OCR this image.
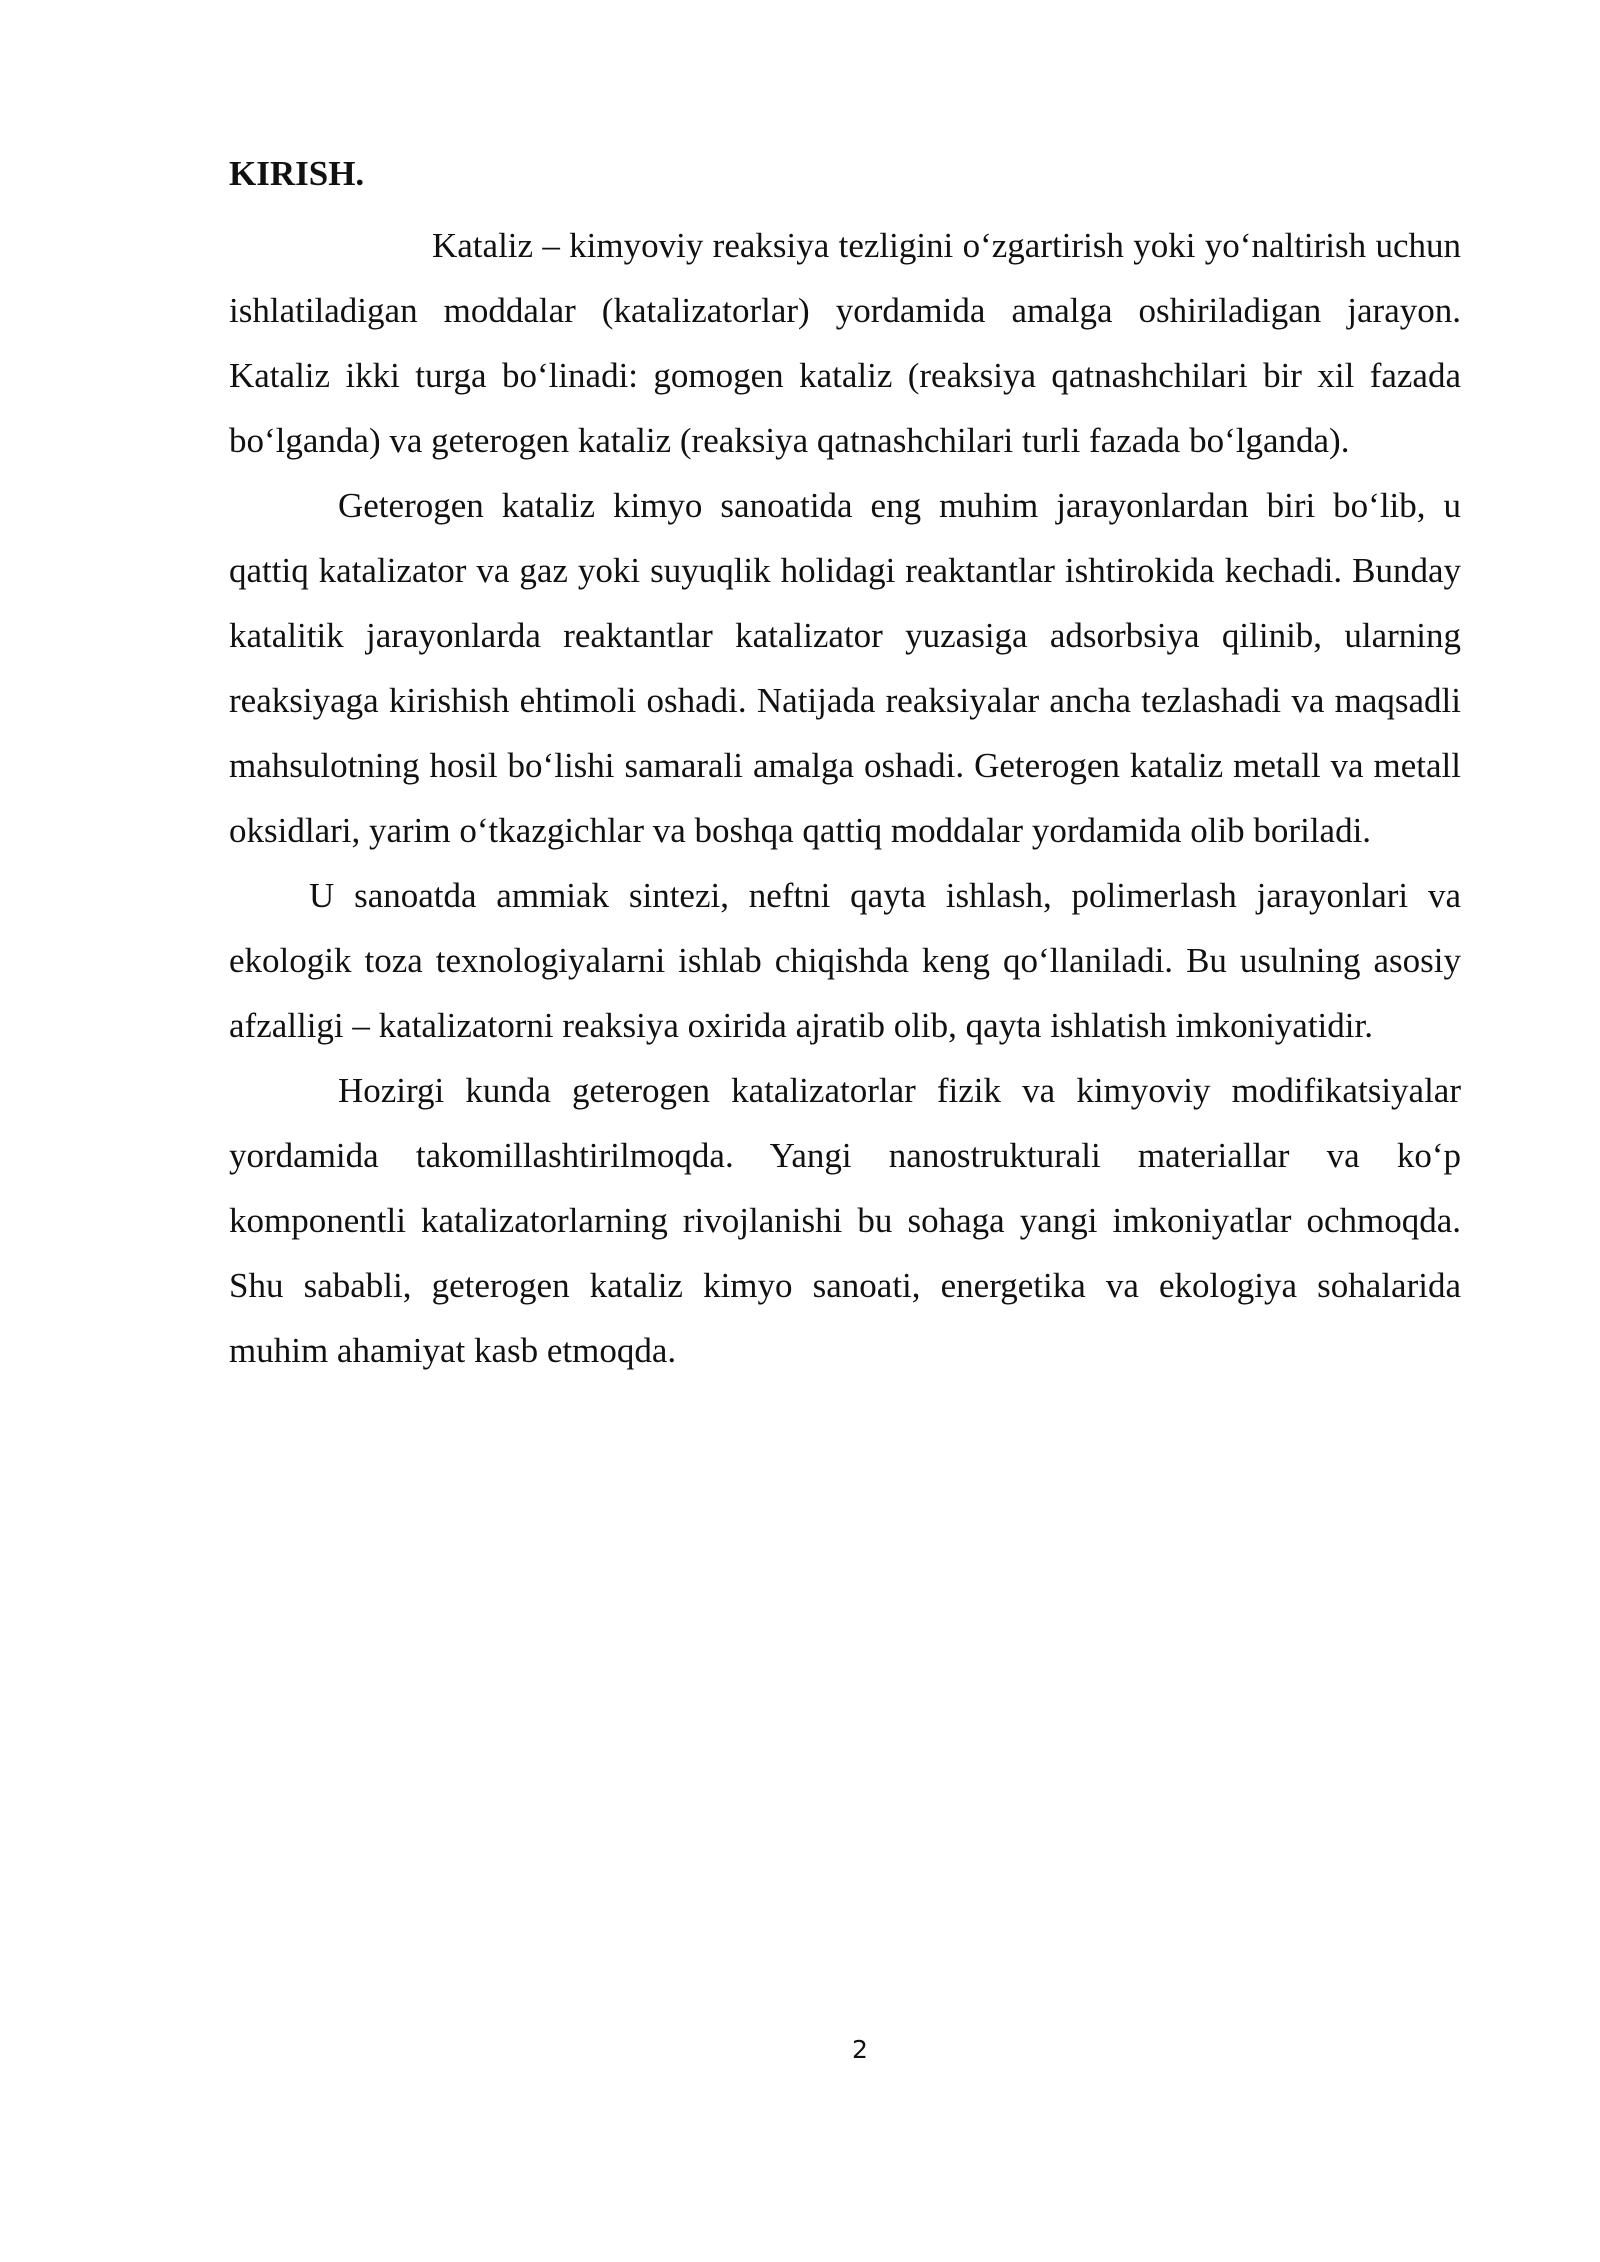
KIRISH.

Kataliz – kimyoviy reaksiya tezligini o‘zgartirish yoki yo‘naltirish uchun ishlatiladigan moddalar (katalizatorlar) yordamida amalga oshiriladigan jarayon. Kataliz ikki turga bo‘linadi: gomogen kataliz (reaksiya qatnashchilari bir xil fazada bo‘lganda) va geterogen kataliz (reaksiya qatnashchilari turli fazada bo‘lganda).

Geterogen kataliz kimyo sanoatida eng muhim jarayonlardan biri bo‘lib, u qattiq katalizator va gaz yoki suyuqlik holidagi reaktantlar ishtirokida kechadi. Bunday katalitik jarayonlarda reaktantlar katalizator yuzasiga adsorbsiya qilinib, ularning reaksiyaga kirishish ehtimoli oshadi. Natijada reaksiyalar ancha tezlashadi va maqsadli mahsulotning hosil bo‘lishi samarali amalga oshadi. Geterogen kataliz metall va metall oksidlari, yarim o‘tkazgichlar va boshqa qattiq moddalar yordamida olib boriladi.

U sanoatda ammiak sintezi, neftni qayta ishlash, polimerlash jarayonlari va ekologik toza texnologiyalarni ishlab chiqishda keng qo‘llaniladi. Bu usulning asosiy afzalligi – katalizatorni reaksiya oxirida ajratib olib, qayta ishlatish imkoniyatidir.

Hozirgi kunda geterogen katalizatorlar fizik va kimyoviy modifikatsiyalar yordamida takomillashtirilmoqda. Yangi nanostrukturali materiallar va ko‘p komponentli katalizatorlarning rivojlanishi bu sohaga yangi imkoniyatlar ochmoqda. Shu sababli, geterogen kataliz kimyo sanoati, energetika va ekologiya sohalarida muhim ahamiyat kasb etmoqda.

2
